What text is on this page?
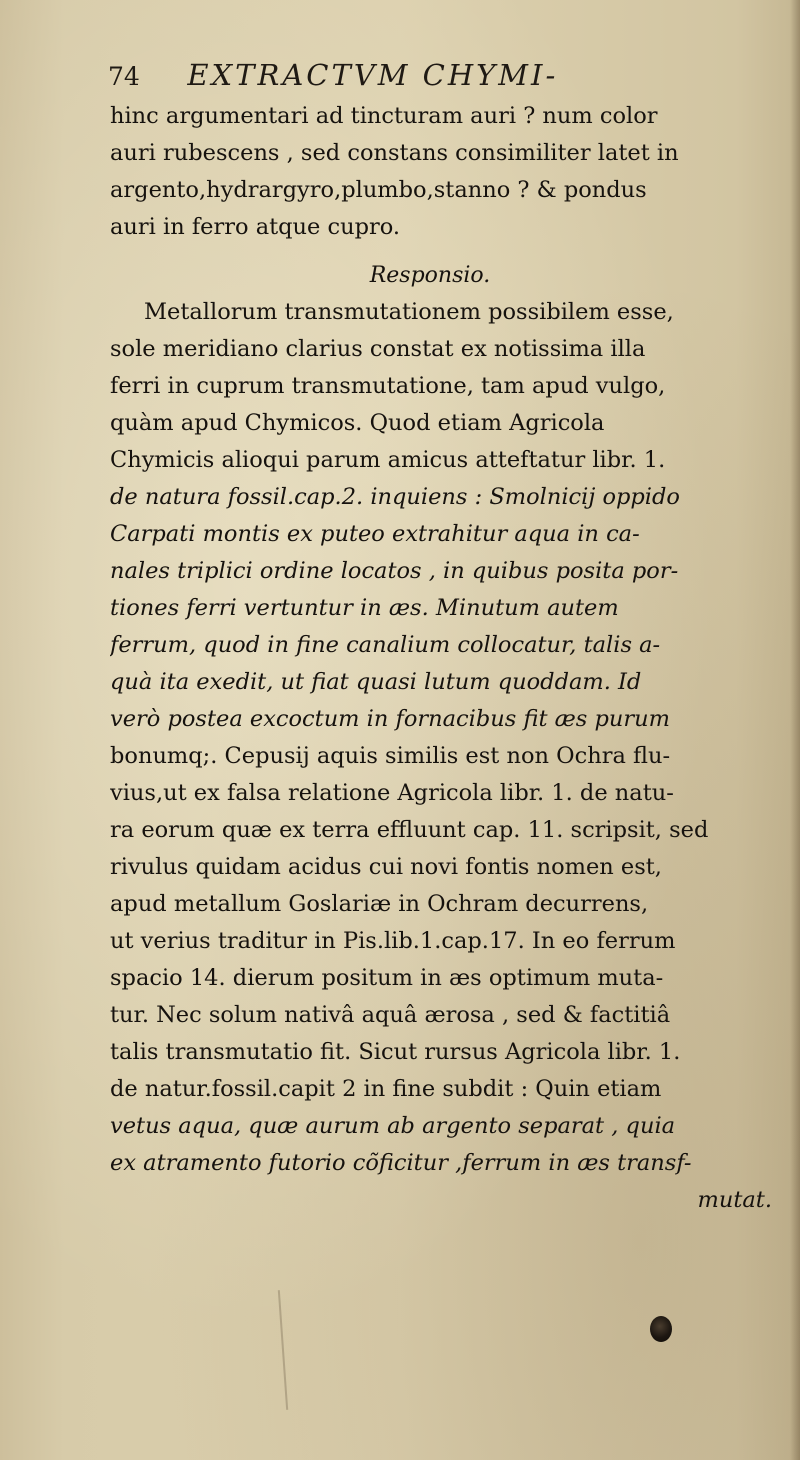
74 EXTRACTVM CHYMI-
hinc argumentari ad tincturam auri ? num color
auri rubescens , sed constans consimiliter latet in
argento,hydrargyro,plumbo,stanno ? & pondus
auri in ferro atque cupro.
Responsio.
Metallorum transmutationem possibilem esse,
sole meridiano clarius constat ex notissima illa
ferri in cuprum transmutatione, tam apud vulgo,
quàm apud Chymicos. Quod etiam Agricola
Chymicis alioqui parum amicus atteftatur libr. 1.
de natura fossil.cap.2. inquiens : Smolnicij oppido
Carpati montis ex puteo extrahitur aqua in ca-
nales triplici ordine locatos , in quibus posita por-
tiones ferri vertuntur in æs. Minutum autem
ferrum, quod in fine canalium collocatur, talis a-
quà ita exedit, ut fiat quasi lutum quoddam. Id
verò postea excoctum in fornacibus fit æs purum
bonumq;. Cepusij aquis similis est non Ochra flu-
vius,ut ex falsa relatione Agricola libr. 1. de natu-
ra eorum quæ ex terra effluunt cap. 11. scripsit, sed
rivulus quidam acidus cui novi fontis nomen est,
apud metallum Goslariæ in Ochram decurrens,
ut verius traditur in Pis.lib.1.cap.17. In eo ferrum
spacio 14. dierum positum in æs optimum muta-
tur. Nec solum nativâ aquâ ærosa , sed & factitiâ
talis transmutatio fit. Sicut rursus Agricola libr. 1.
de natur.fossil.capit 2 in fine subdit : Quin etiam
vetus aqua, quæ aurum ab argento separat , quia
ex atramento futorio cõficitur ,ferrum in æs transf-
mutat.
